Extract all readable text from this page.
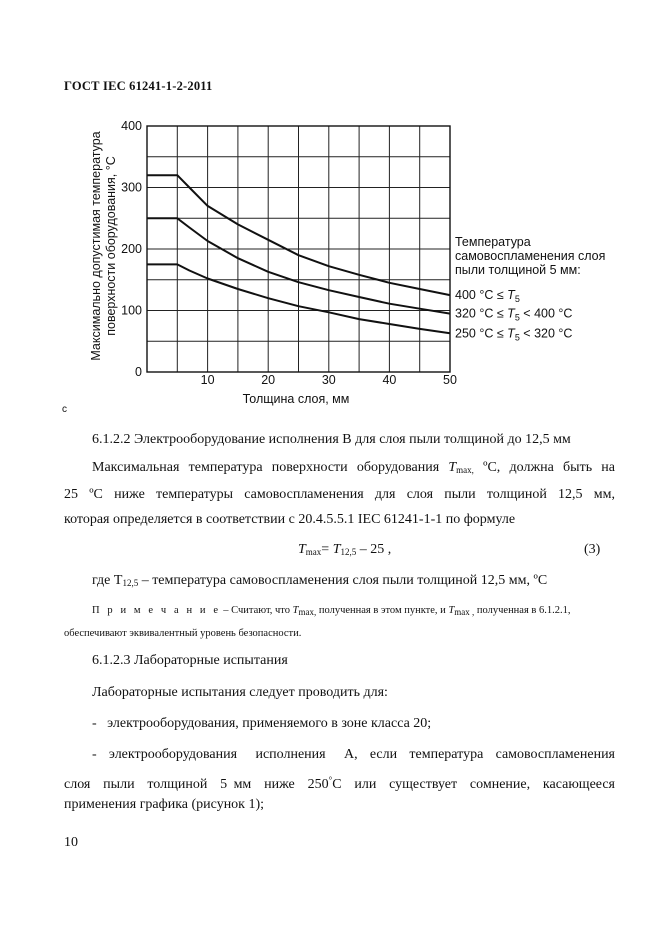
ГОСТ IEC 61241-1-2-2011
10	20	30	40	50
0
100
200
300
400
Толщина слоя, мм
Максимально допустимая температура поверхности оборудования, °С	Температура
самовоспламенения слоя
пыли толщиной 5 мм:
400 $^\circ C \le T_5$
320 $^\circ C \le T_5 < 400$ °C
250 $^\circ C \le T_5 < 320$ °C
с
6.1.2.2 Электрооборудование исполнения В для слоя пыли толщиной до 12,5 мм
Максимальная температура поверхности оборудования $T_{max,}$ ºC, должна быть на
25 ºC ниже температуры самовоспламенения для слоя пыли толщиной 12,5 мм,
которая определяется в соответствии с 20.4.5.5.1 IEC 61241-1-1 по формуле
$T_{max}= T_{12,5} - 25$ ,	(3)
где $Т_{12,5}$ – температура самовоспламенения слоя пыли толщиной 12,5 мм, ºС
П р и м е ч а н и е – Считают, что Tmax, полученная в этом пункте, и Tmax , полученная в 6.1.2.1,
обеспечивают эквивалентный уровень безопасности.
6.1.2.3 Лабораторные испытания
Лабораторные испытания следует проводить для:
-   электрооборудования, применяемого в зоне класса 20;
-  электрооборудования   исполнения   А,  если  температура  самовоспламенения
слоя  пыли  толщиной  5 мм  ниже  250°С  или  существует  сомнение,  касающееся
применения графика (рисунок 1);
10
